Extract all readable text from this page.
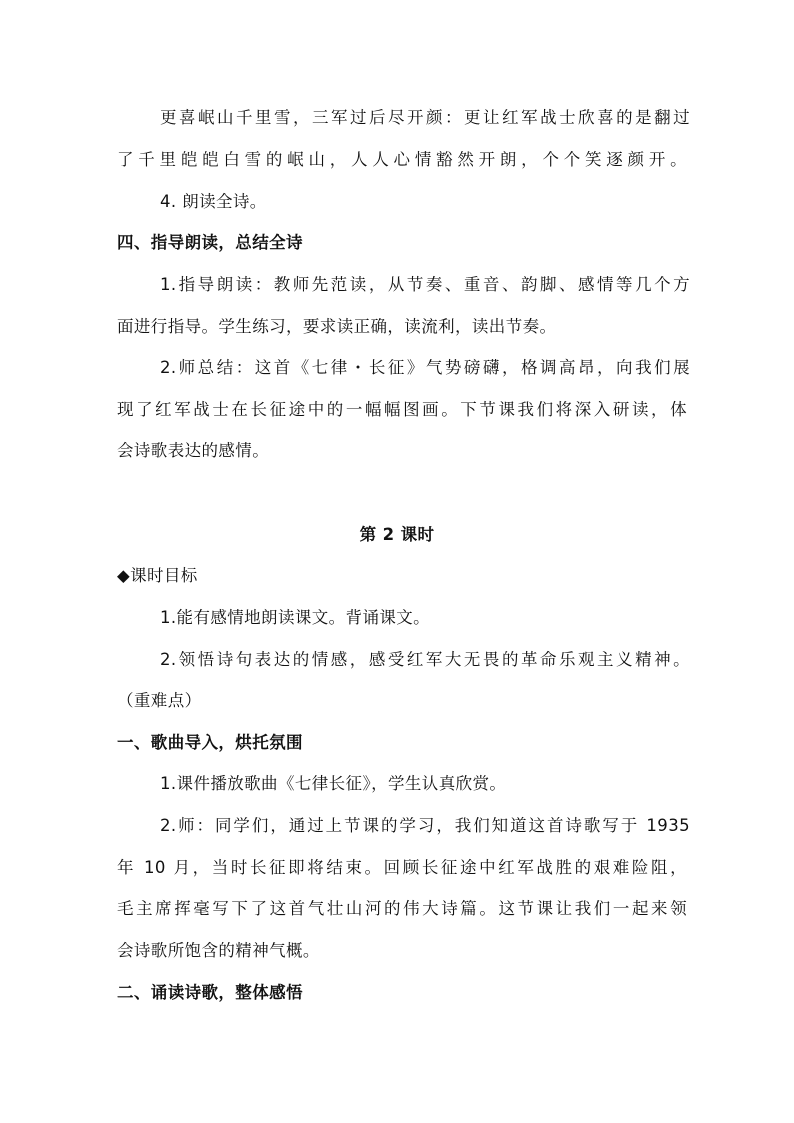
更喜岷山千里雪，三军过后尽开颜：更让红军战士欣喜的是翻过
了千里皑皑白雪的岷山，人人心情豁然开朗，个个笑逐颜开。
4. 朗读全诗。
四、指导朗读，总结全诗
1.指导朗读：教师先范读，从节奏、重音、韵脚、感情等几个方
面进行指导。学生练习，要求读正确，读流利，读出节奏。
2.师总结：这首《七律・长征》气势磅礴，格调高昂，向我们展
现了红军战士在长征途中的一幅幅图画。下节课我们将深入研读，体
会诗歌表达的感情。
第 2 课时
◆课时目标
1.能有感情地朗读课文。背诵课文。
2.领悟诗句表达的情感，感受红军大无畏的革命乐观主义精神。
（重难点）
一、歌曲导入，烘托氛围
1.课件播放歌曲《七律长征》，学生认真欣赏。
2.师：同学们，通过上节课的学习，我们知道这首诗歌写于 1935
年 10 月，当时长征即将结束。回顾长征途中红军战胜的艰难险阻，
毛主席挥毫写下了这首气壮山河的伟大诗篇。这节课让我们一起来领
会诗歌所饱含的精神气概。
二、诵读诗歌，整体感悟
